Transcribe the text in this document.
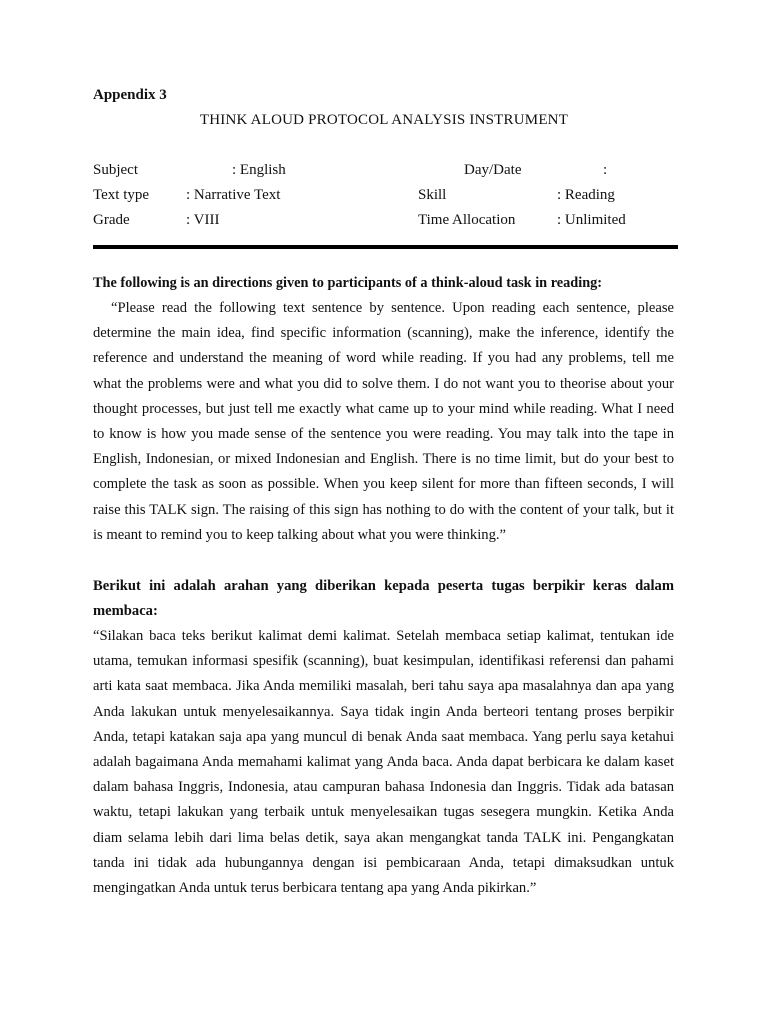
Appendix 3
THINK ALOUD PROTOCOL ANALYSIS INSTRUMENT
Subject	: English	Day/Date	:
Text type : Narrative Text	Skill	: Reading
Grade	: VIII	Time Allocation	: Unlimited
The following is an directions given to participants of a think-aloud task in reading:
“Please read the following text sentence by sentence. Upon reading each sentence, please determine the main idea, find specific information (scanning), make the inference, identify the reference and understand the meaning of word while reading. If you had any problems, tell me what the problems were and what you did to solve them. I do not want you to theorise about your thought processes, but just tell me exactly what came up to your mind while reading. What I need to know is how you made sense of the sentence you were reading. You may talk into the tape in English, Indonesian, or mixed Indonesian and English. There is no time limit, but do your best to complete the task as soon as possible. When you keep silent for more than fifteen seconds, I will raise this TALK sign. The raising of this sign has nothing to do with the content of your talk, but it is meant to remind you to keep talking about what you were thinking.”
Berikut ini adalah arahan yang diberikan kepada peserta tugas berpikir keras dalam membaca:
“Silakan baca teks berikut kalimat demi kalimat. Setelah membaca setiap kalimat, tentukan ide utama, temukan informasi spesifik (scanning), buat kesimpulan, identifikasi referensi dan pahami arti kata saat membaca. Jika Anda memiliki masalah, beri tahu saya apa masalahnya dan apa yang Anda lakukan untuk menyelesaikannya. Saya tidak ingin Anda berteori tentang proses berpikir Anda, tetapi katakan saja apa yang muncul di benak Anda saat membaca. Yang perlu saya ketahui adalah bagaimana Anda memahami kalimat yang Anda baca. Anda dapat berbicara ke dalam kaset dalam bahasa Inggris, Indonesia, atau campuran bahasa Indonesia dan Inggris. Tidak ada batasan waktu, tetapi lakukan yang terbaik untuk menyelesaikan tugas sesegera mungkin. Ketika Anda diam selama lebih dari lima belas detik, saya akan mengangkat tanda TALK ini. Pengangkatan tanda ini tidak ada hubungannya dengan isi pembicaraan Anda, tetapi dimaksudkan untuk mengingatkan Anda untuk terus berbicara tentang apa yang Anda pikirkan.”
